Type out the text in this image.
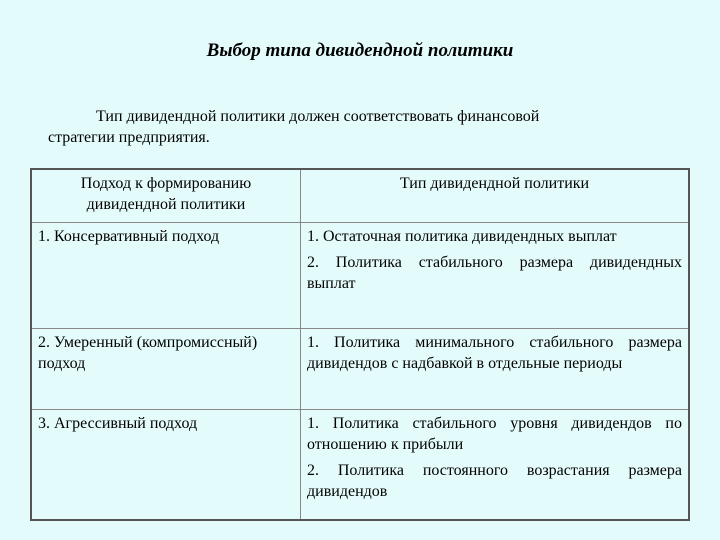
Выбор типа дивидендной политики
Тип дивидендной политики должен соответствовать финансовой
стратегии предприятия.
Подход к формированию дивидендной политики	Тип дивидендной политики
1. Консервативный подход	1. Остаточная политика дивидендных выплат

2. Политика стабильного размера дивидендных выплат

2. Умеренный (компромиссный) подход	1. Политика минимального стабильного размера дивидендов с надбавкой в отдельные периоды

3. Агрессивный подход	1. Политика стабильного уровня дивидендов по отношению к прибыли

2. Политика постоянного возрастания размера дивидендов
